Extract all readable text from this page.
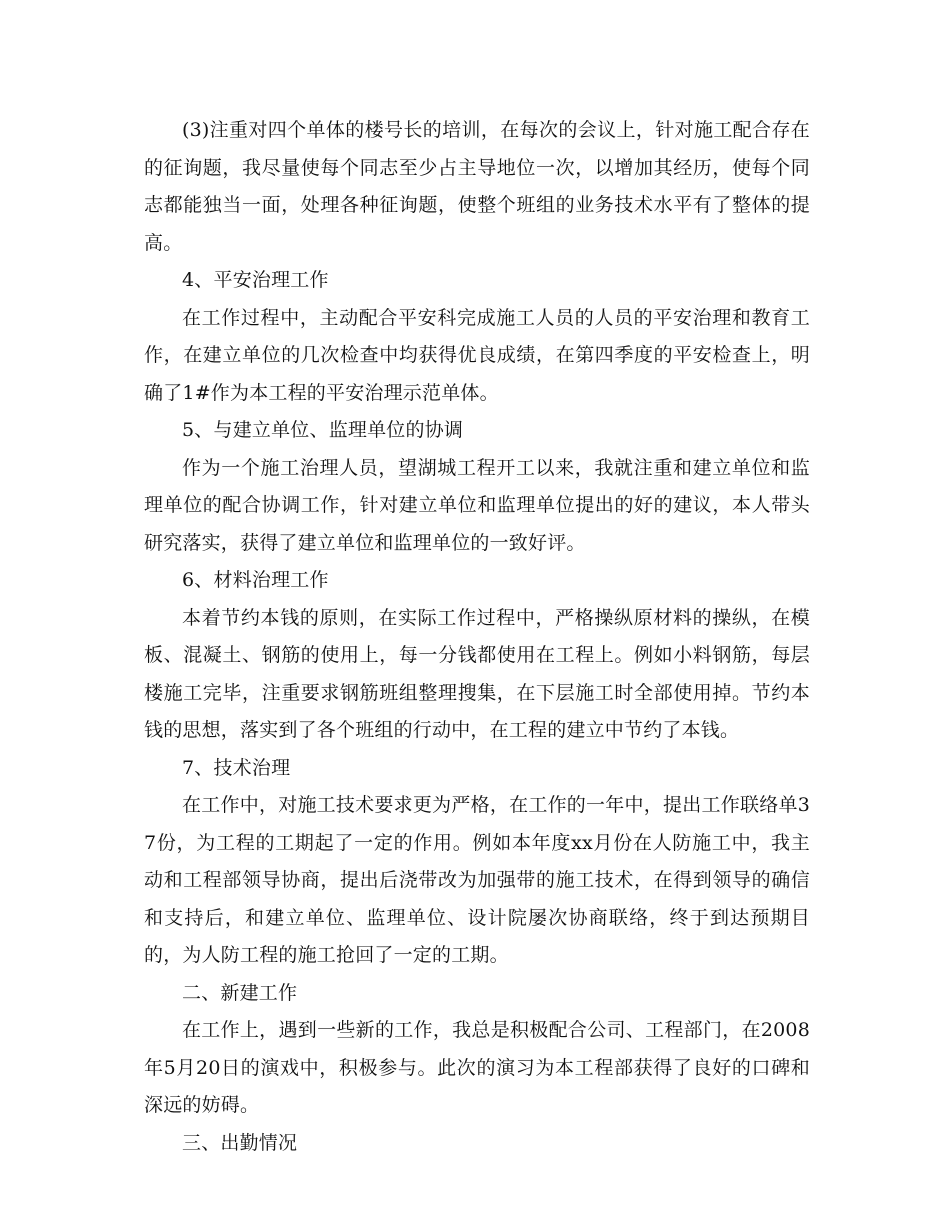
(3)注重对四个单体的楼号长的培训，在每次的会议上，针对施工配合存在的征询题，我尽量使每个同志至少占主导地位一次，以增加其经历，使每个同志都能独当一面，处理各种征询题，使整个班组的业务技术水平有了整体的提高。

4、平安治理工作

在工作过程中，主动配合平安科完成施工人员的人员的平安治理和教育工作，在建立单位的几次检查中均获得优良成绩，在第四季度的平安检查上，明确了1#作为本工程的平安治理示范单体。

5、与建立单位、监理单位的协调

作为一个施工治理人员，望湖城工程开工以来，我就注重和建立单位和监理单位的配合协调工作，针对建立单位和监理单位提出的好的建议，本人带头研究落实，获得了建立单位和监理单位的一致好评。

6、材料治理工作

本着节约本钱的原则，在实际工作过程中，严格操纵原材料的操纵，在模板、混凝土、钢筋的使用上，每一分钱都使用在工程上。例如小料钢筋，每层楼施工完毕，注重要求钢筋班组整理搜集，在下层施工时全部使用掉。节约本钱的思想，落实到了各个班组的行动中，在工程的建立中节约了本钱。

7、技术治理

在工作中，对施工技术要求更为严格，在工作的一年中，提出工作联络单37份，为工程的工期起了一定的作用。例如本年度xx月份在人防施工中，我主动和工程部领导协商，提出后浇带改为加强带的施工技术，在得到领导的确信和支持后，和建立单位、监理单位、设计院屡次协商联络，终于到达预期目的，为人防工程的施工抢回了一定的工期。

二、新建工作

在工作上，遇到一些新的工作，我总是积极配合公司、工程部门，在2008年5月20日的演戏中，积极参与。此次的演习为本工程部获得了良好的口碑和深远的妨碍。

三、出勤情况
